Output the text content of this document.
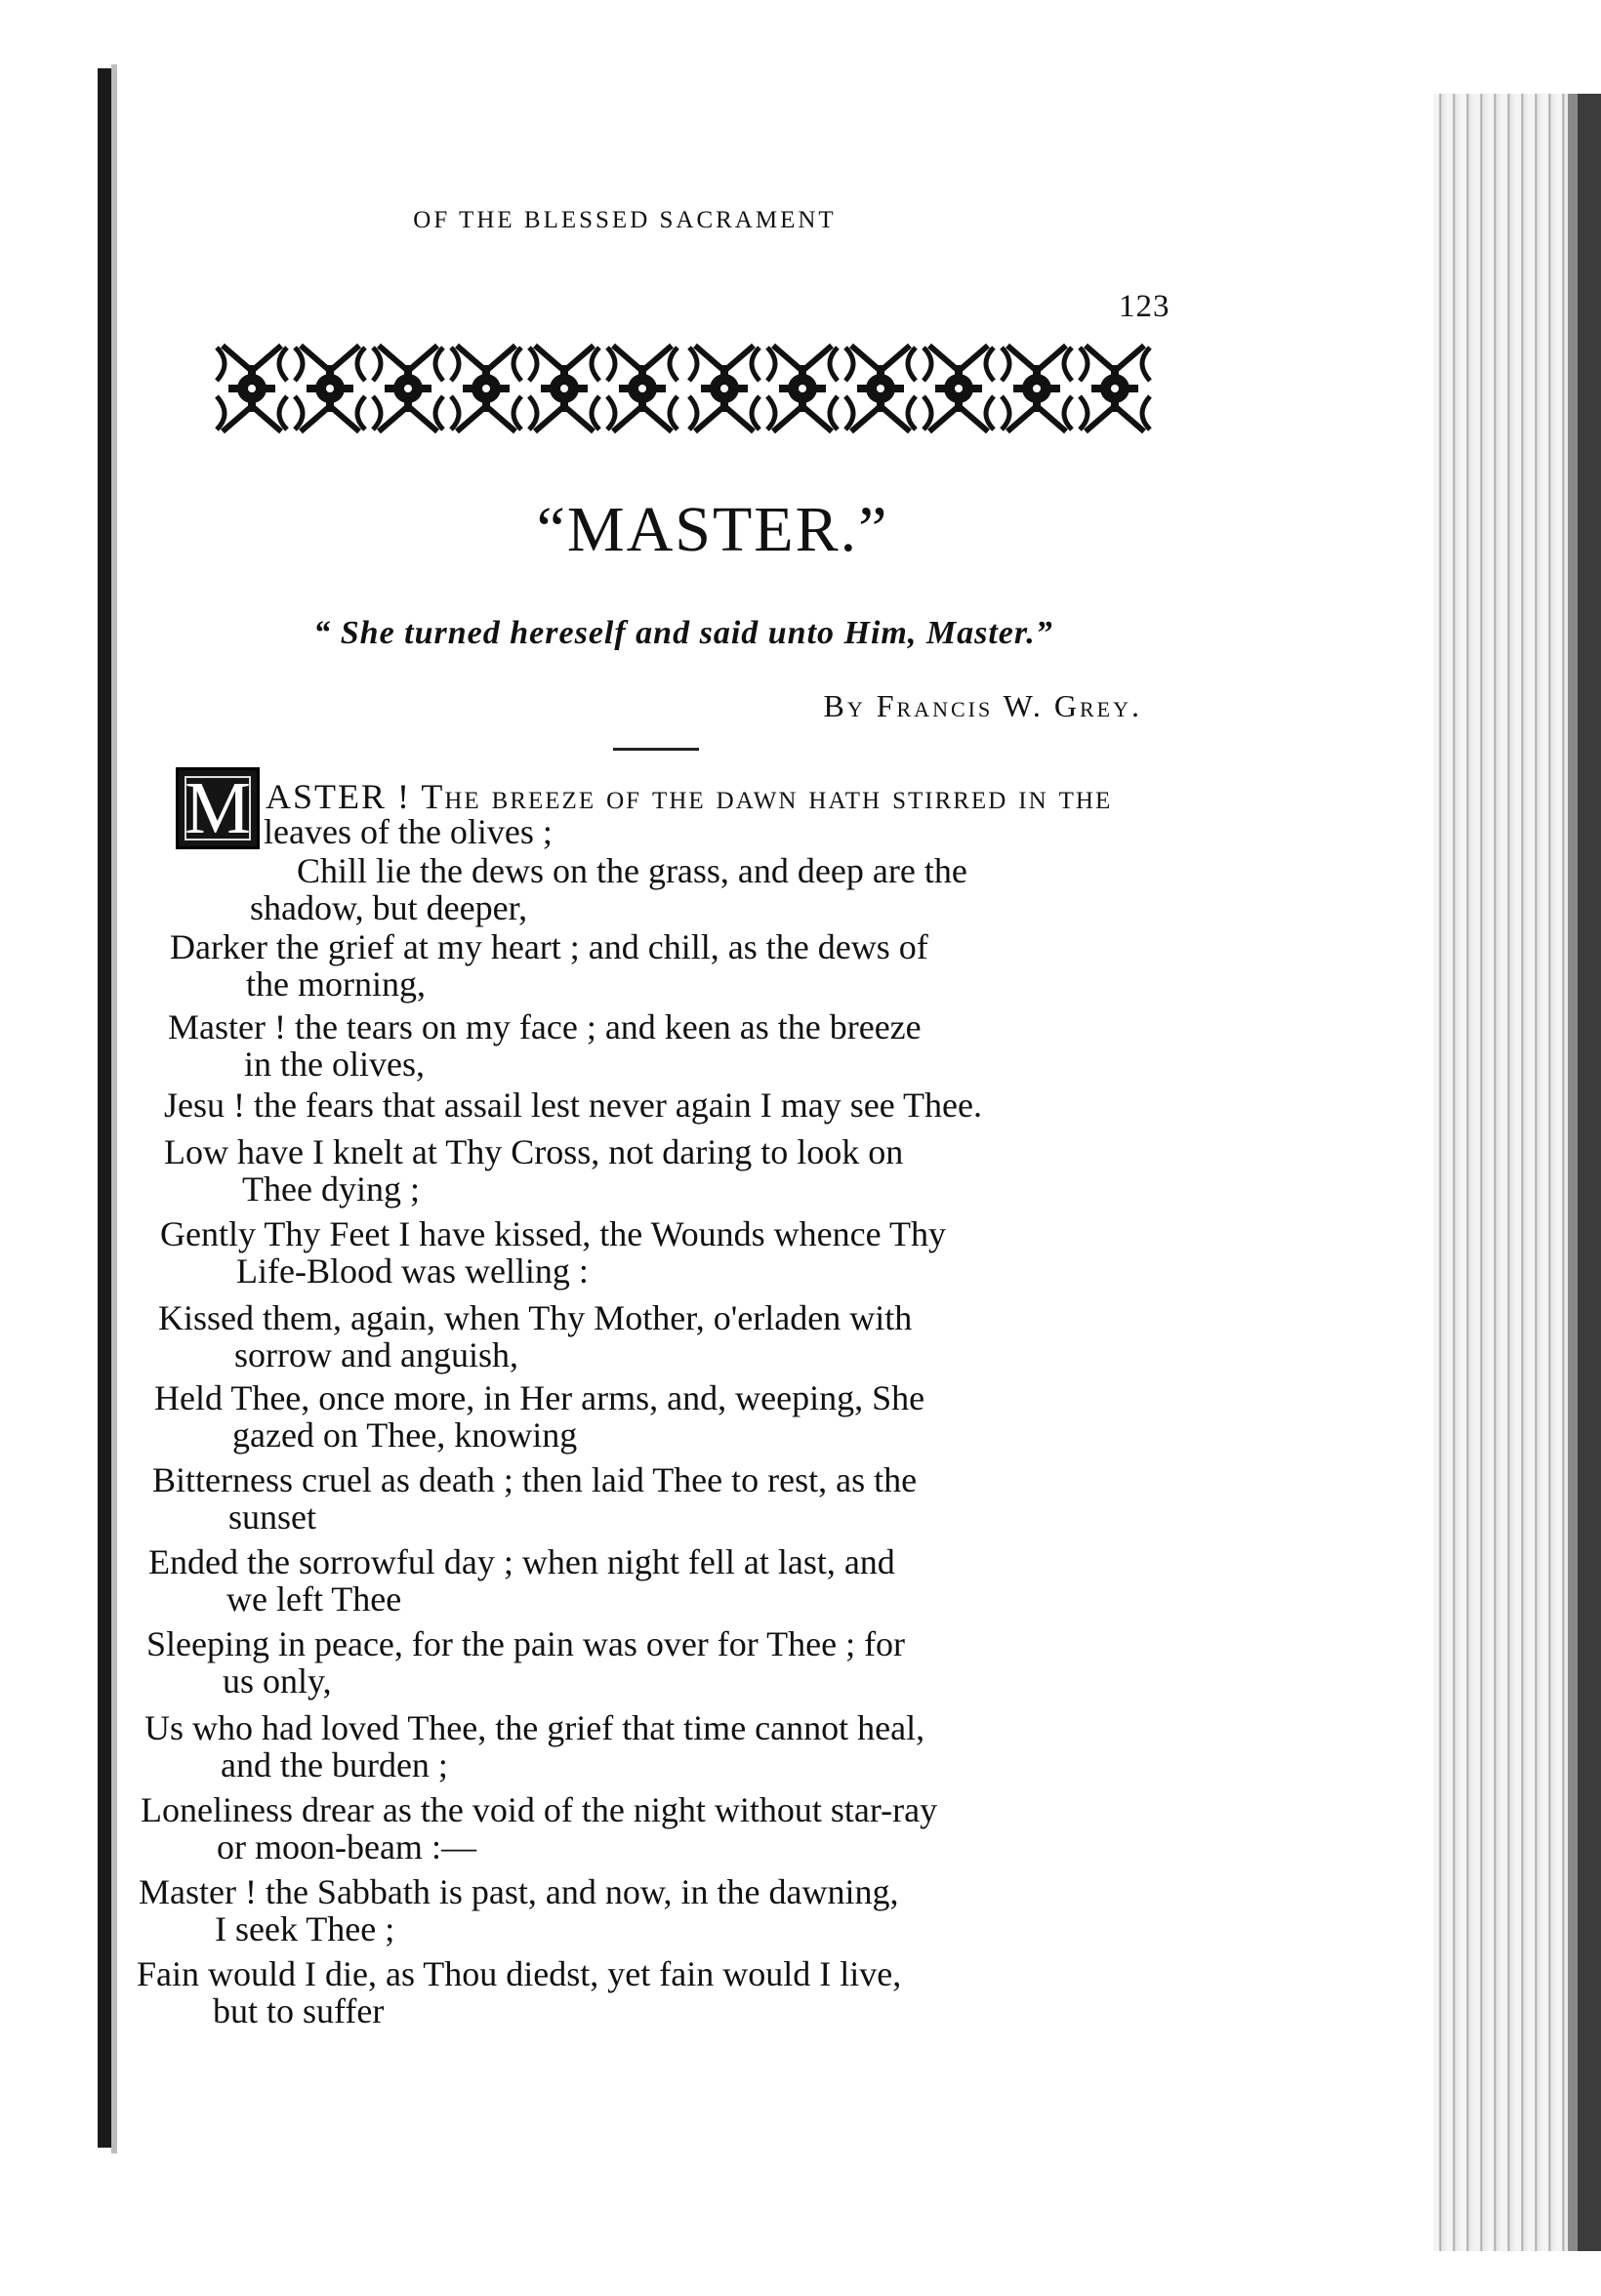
OF THE BLESSED SACRAMENT
123
“MASTER.”
“ She turned hereself and said unto Him, Master.”
By Francis W. Grey.
M ASTER ! The breeze of the dawn hath stirred in the
leaves of the olives ;
Chill lie the dews on the grass, and deep are the
shadow, but deeper,
Darker the grief at my heart ; and chill, as the dews of
the morning,
Master ! the tears on my face ; and keen as the breeze
in the olives,
Jesu ! the fears that assail lest never again I may see Thee.
Low have I knelt at Thy Cross, not daring to look on
Thee dying ;
Gently Thy Feet I have kissed, the Wounds whence Thy
Life-Blood was welling :
Kissed them, again, when Thy Mother, o'erladen with
sorrow and anguish,
Held Thee, once more, in Her arms, and, weeping, She
gazed on Thee, knowing
Bitterness cruel as death ; then laid Thee to rest, as the
sunset
Ended the sorrowful day ; when night fell at last, and
we left Thee
Sleeping in peace, for the pain was over for Thee ; for
us only,
Us who had loved Thee, the grief that time cannot heal,
and the burden ;
Loneliness drear as the void of the night without star-ray
or moon-beam :—
Master ! the Sabbath is past, and now, in the dawning,
I seek Thee ;
Fain would I die, as Thou diedst, yet fain would I live,
but to suffer
